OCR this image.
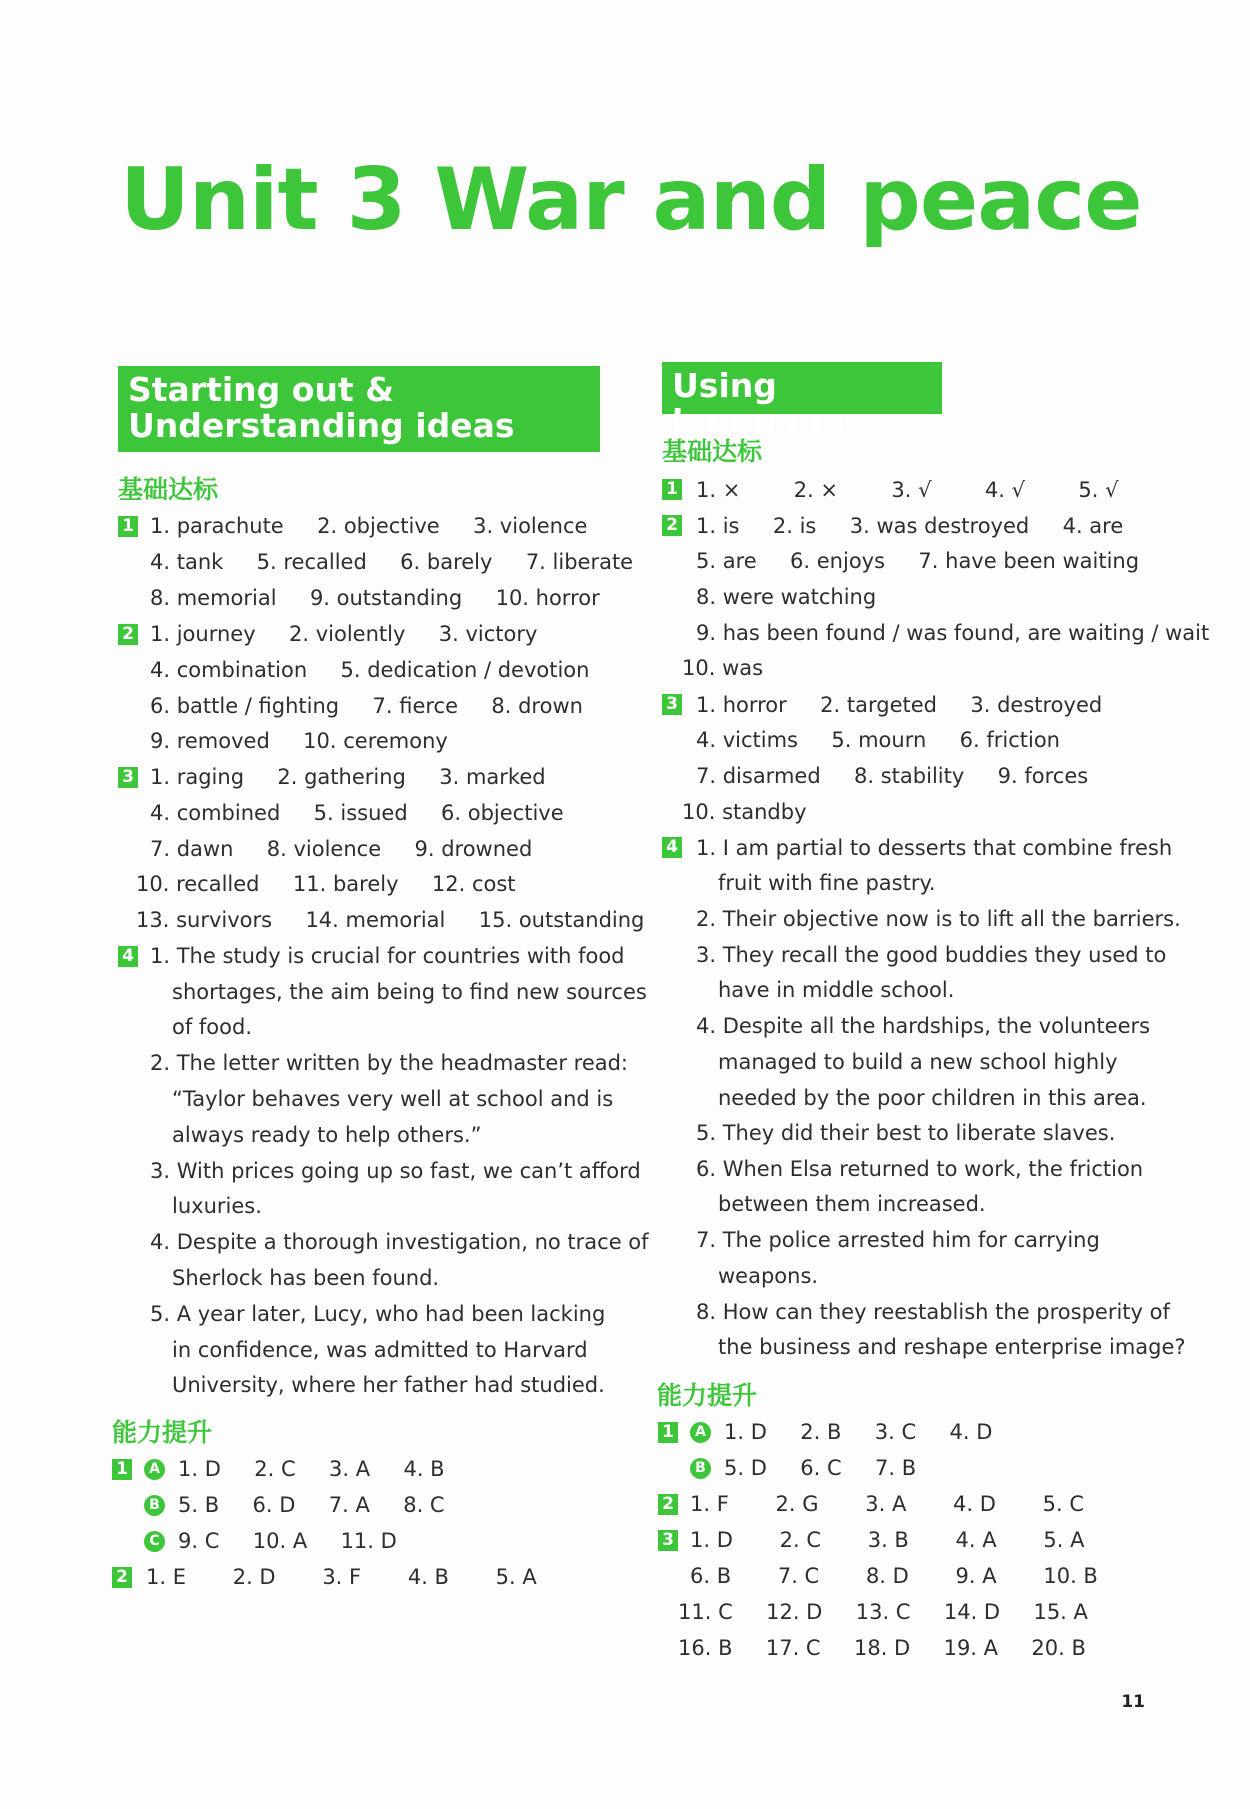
Unit 3 War and peace
Starting out & Understanding ideas
基础达标
1 1. parachute     2. objective     3. violence
4. tank     5. recalled     6. barely     7. liberate
8. memorial     9. outstanding     10. horror
2 1. journey     2. violently     3. victory
4. combination     5. dedication / devotion
6. battle / fighting     7. fierce     8. drown
9. removed     10. ceremony
3 1. raging     2. gathering     3. marked
4. combined     5. issued     6. objective
7. dawn     8. violence     9. drowned
10. recalled     11. barely     12. cost
13. survivors     14. memorial     15. outstanding
4 1. The study is crucial for countries with food
shortages, the aim being to find new sources
of food.
2. The letter written by the headmaster read:
“Taylor behaves very well at school and is
always ready to help others.”
3. With prices going up so fast, we can’t afford
luxuries.
4. Despite a thorough investigation, no trace of
Sherlock has been found.
5. A year later, Lucy, who had been lacking
in confidence, was admitted to Harvard
University, where her father had studied.
能力提升
1	A 1. D     2. C     3. A     4. B
B 5. B     6. D     7. A     8. C
C 9. C     10. A     11. D
2 1. E       2. D       3. F       4. B       5. A
Using language
基础达标
1 1. ×        2. ×        3. √        4. √        5. √
2 1. is     2. is     3. was destroyed     4. are
5. are     6. enjoys     7. have been waiting
8. were watching
9. has been found / was found, are waiting / wait
10. was
3 1. horror     2. targeted     3. destroyed
4. victims     5. mourn     6. friction
7. disarmed     8. stability     9. forces
10. standby
4 1. I am partial to desserts that combine fresh
fruit with fine pastry.
2. Their objective now is to lift all the barriers.
3. They recall the good buddies they used to
have in middle school.
4. Despite all the hardships, the volunteers
managed to build a new school highly
needed by the poor children in this area.
5. They did their best to liberate slaves.
6. When Elsa returned to work, the friction
between them increased.
7. The police arrested him for carrying
weapons.
8. How can they reestablish the prosperity of
the business and reshape enterprise image?
能力提升
1	A 1. D     2. B     3. C     4. D
B 5. D     6. C     7. B
2 1. F       2. G       3. A       4. D       5. C
3 1. D       2. C       3. B       4. A       5. A
6. B       7. C       8. D       9. A       10. B
11. C     12. D     13. C     14. D     15. A
16. B     17. C     18. D     19. A     20. B
11
